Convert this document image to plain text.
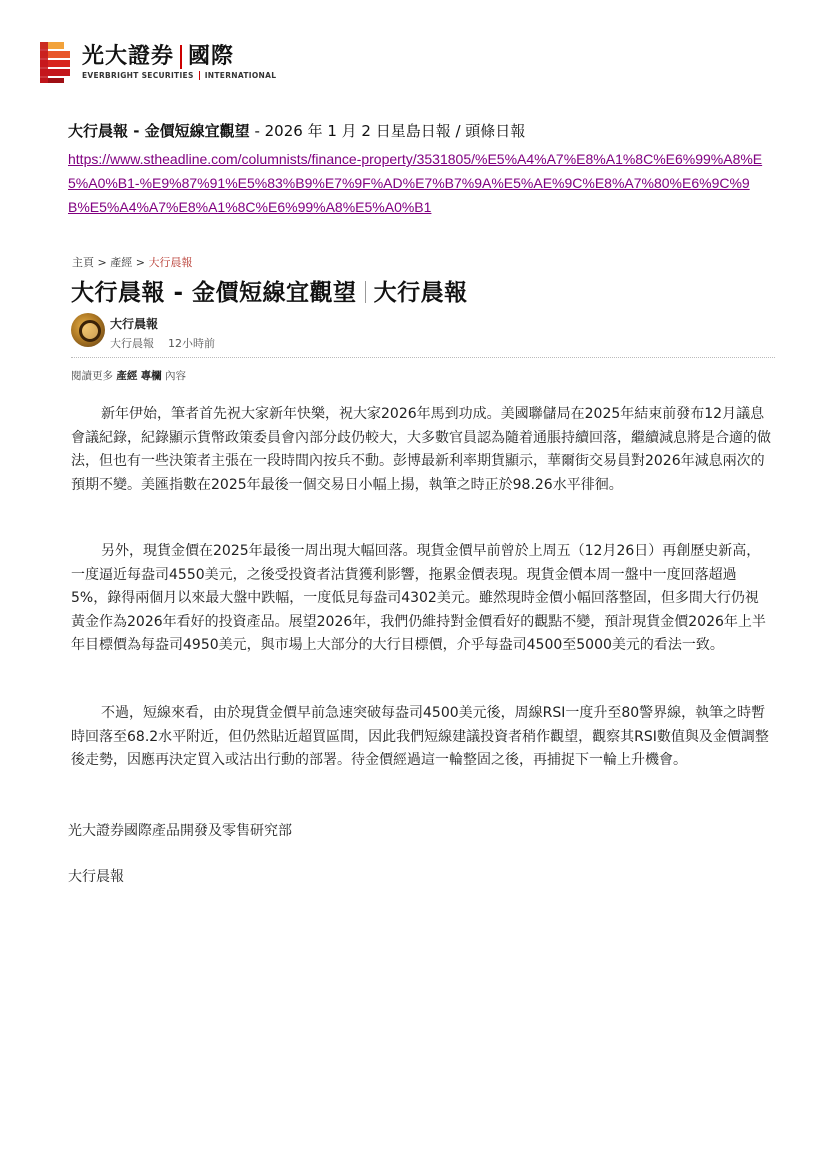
光大證券 國際
EVERBRIGHT SECURITIES INTERNATIONAL
大行晨報 - 金價短線宜觀望 - 2026 年 1 月 2 日星島日報 / 頭條日報
https://www.stheadline.com/columnists/finance-property/3531805/%E5%A4%A7%E8%A1%8C%E6%99%A8%E5%A0%B1-%E9%87%91%E5%83%B9%E7%9F%AD%E7%B7%9A%E5%AE%9C%E8%A7%80%E6%9C%9B%E5%A4%A7%E8%A1%8C%E6%99%A8%E5%A0%B1
主頁 > 產經 > 大行晨報
大行晨報 - 金價短線宜觀望 大行晨報
大行晨報
大行晨報 12小時前
閱讀更多 產經 專欄 內容

新年伊始，筆者首先祝大家新年快樂，祝大家2026年馬到功成。美國聯儲局在2025年結束前發布12月議息會議紀錄，紀錄顯示貨幣政策委員會內部分歧仍較大，大多數官員認為隨着通脹持續回落，繼續減息將是合適的做法，但也有一些決策者主張在一段時間內按兵不動。彭博最新利率期貨顯示，華爾街交易員對2026年減息兩次的預期不變。美匯指數在2025年最後一個交易日小幅上揚，執筆之時正於98.26水平徘徊。

另外，現貨金價在2025年最後一周出現大幅回落。現貨金價早前曾於上周五（12月26日）再創歷史新高，一度逼近每盎司4550美元，之後受投資者沽貨獲利影響，拖累金價表現。現貨金價本周一盤中一度回落超過5%，錄得兩個月以來最大盤中跌幅，一度低見每盎司4302美元。雖然現時金價小幅回落整固，但多間大行仍視黃金作為2026年看好的投資產品。展望2026年，我們仍維持對金價看好的觀點不變，預計現貨金價2026年上半年目標價為每盎司4950美元，與市場上大部分的大行目標價，介乎每盎司4500至5000美元的看法一致。

不過，短線來看，由於現貨金價早前急速突破每盎司4500美元後，周線RSI一度升至80警界線，執筆之時暫時回落至68.2水平附近，但仍然貼近超買區間，因此我們短線建議投資者稍作觀望，觀察其RSI數值與及金價調整後走勢，因應再決定買入或沽出行動的部署。待金價經過這一輪整固之後，再捕捉下一輪上升機會。

光大證券國際產品開發及零售研究部
大行晨報
